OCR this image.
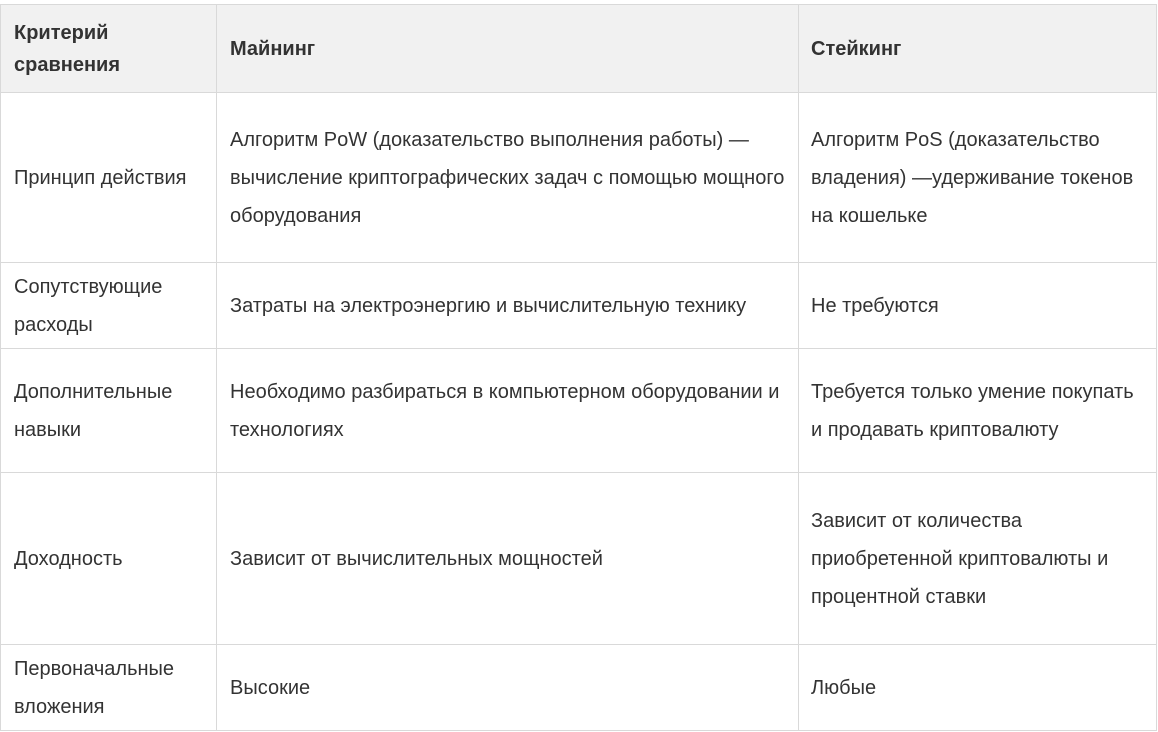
Критерий сравнения	Майнинг	Стейкинг

Принцип действия	Алгоритм PoW (доказательство выполнения работы) — вычисление криптографических задач с помощью мощного оборудования	Алгоритм PoS (доказательство владения) —удерживание токенов на кошельке
Сопутствующие расходы	Затраты на электроэнергию и вычислительную технику	Не требуются
Дополнительные навыки	Необходимо разбираться в компьютерном оборудовании и технологиях	Требуется только умение покупать и продавать криптовалюту
Доходность	Зависит от вычислительных мощностей	Зависит от количества приобретенной криптовалюты и процентной ставки
Первоначальные вложения	Высокие	Любые
